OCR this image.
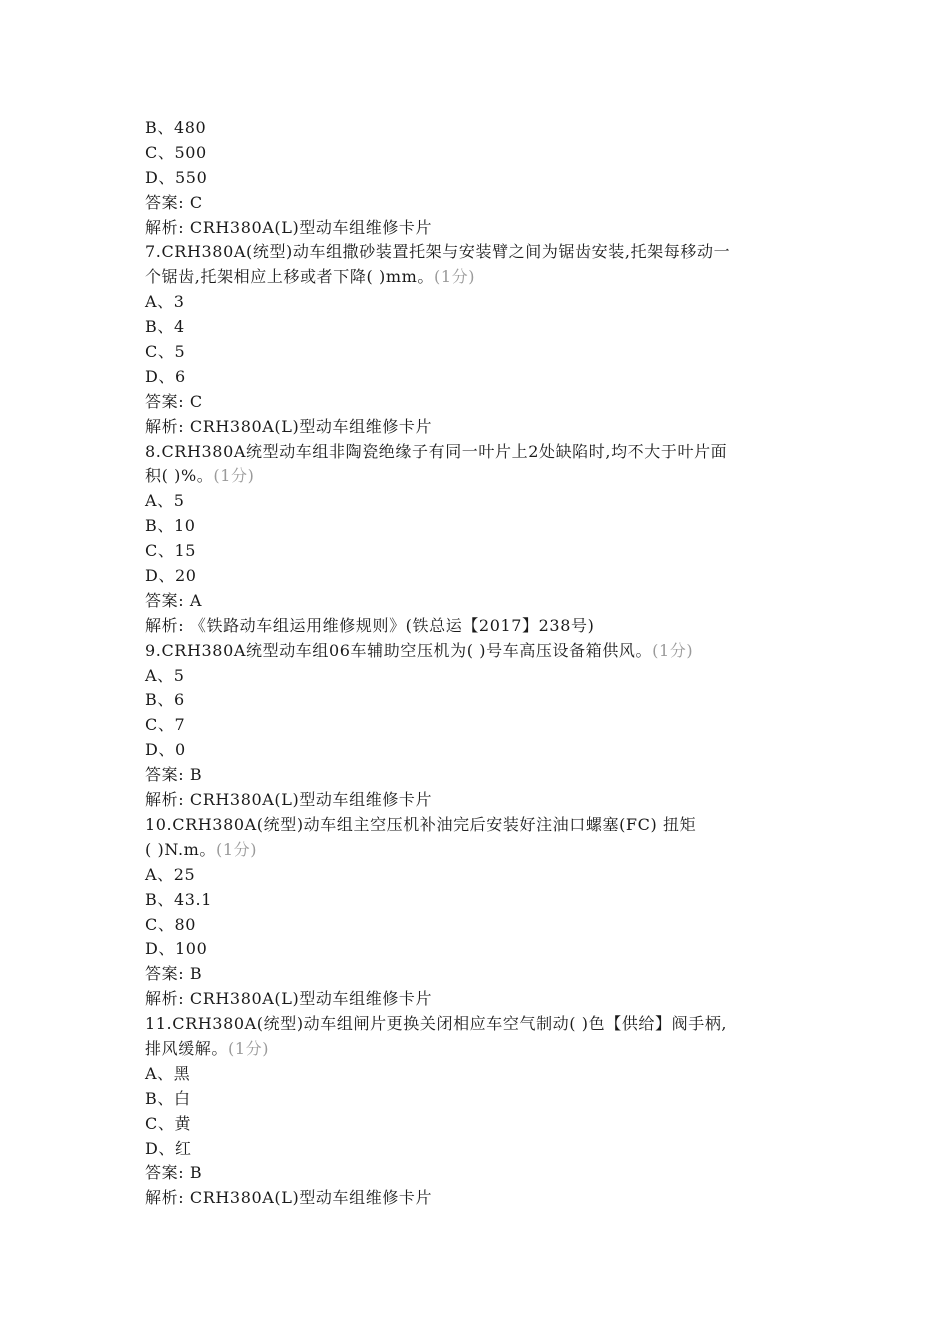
B、480
C、500
D、550
答案: C
解析: CRH380A(L)型动车组维修卡片
7.CRH380A(统型)动车组撒砂装置托架与安装臂之间为锯齿安装,托架每移动一
个锯齿,托架相应上移或者下降( )mm。(1分)
A、3
B、4
C、5
D、6
答案: C
解析: CRH380A(L)型动车组维修卡片
8.CRH380A统型动车组非陶瓷绝缘子有同一叶片上2处缺陷时,均不大于叶片面
积( )%。(1分)
A、5
B、10
C、15
D、20
答案: A
解析: 《铁路动车组运用维修规则》(铁总运【2017】238号)
9.CRH380A统型动车组06车辅助空压机为( )号车高压设备箱供风。(1分)
A、5
B、6
C、7
D、0
答案: B
解析: CRH380A(L)型动车组维修卡片
10.CRH380A(统型)动车组主空压机补油完后安装好注油口螺塞(FC) 扭矩
( )N.m。(1分)
A、25
B、43.1
C、80
D、100
答案: B
解析: CRH380A(L)型动车组维修卡片
11.CRH380A(统型)动车组闸片更换关闭相应车空气制动( )色【供给】阀手柄,
排风缓解。(1分)
A、黑
B、白
C、黄
D、红
答案: B
解析: CRH380A(L)型动车组维修卡片
